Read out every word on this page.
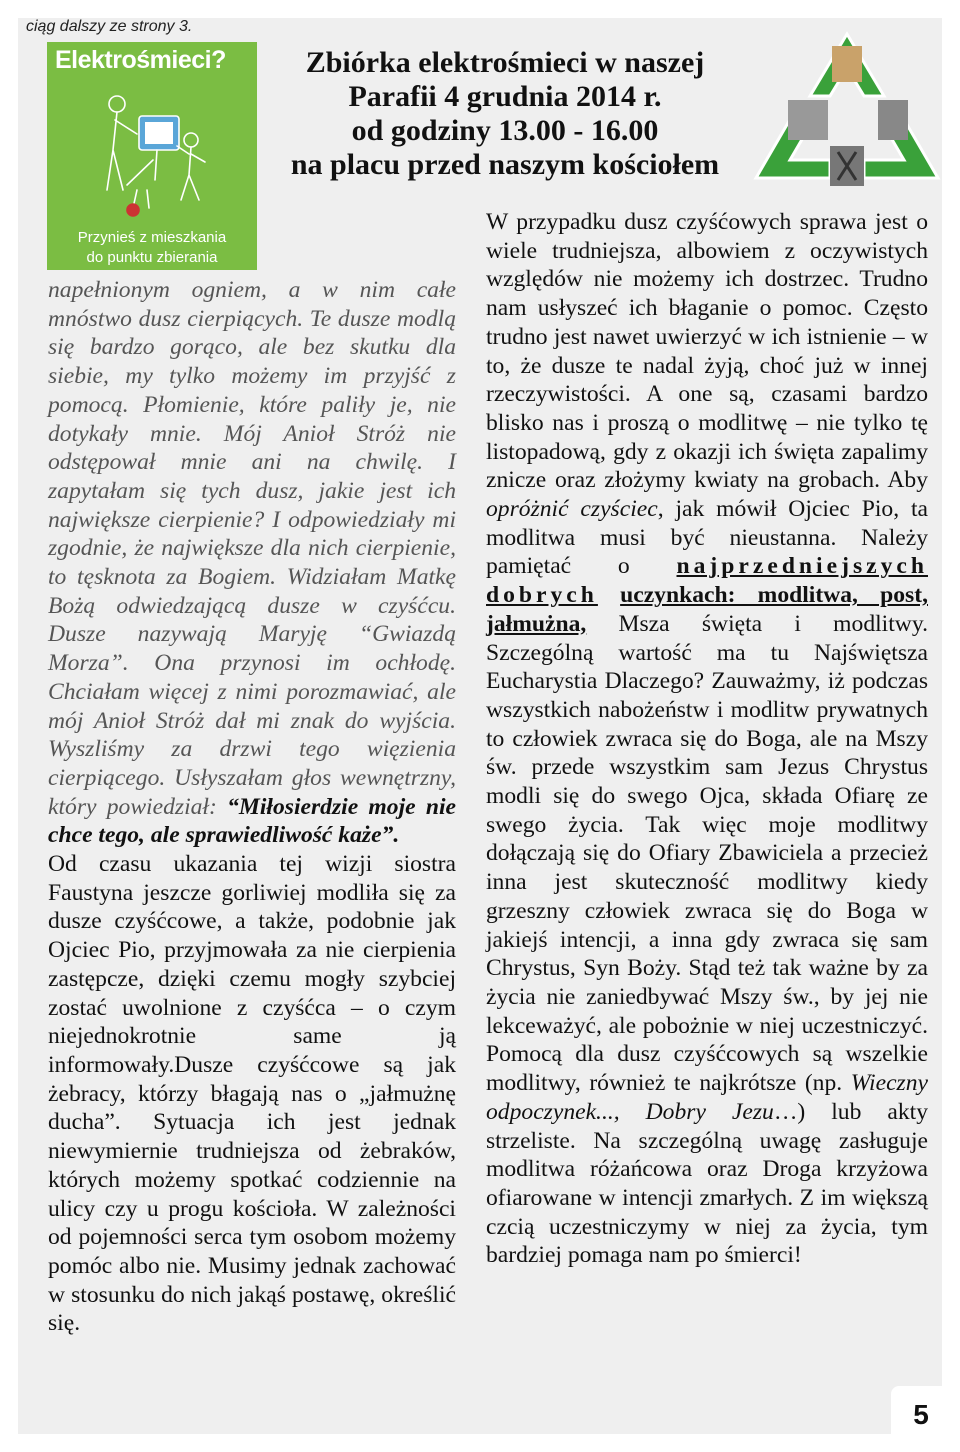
ciąg dalszy ze strony 3.
Elektrośmieci?
Przynieś z mieszkania
do punktu zbierania
Zbiórka elektrośmieci w naszej
Parafii 4 grudnia 2014 r.
od godziny 13.00 - 16.00
na placu przed naszym kościołem

napełnionym ogniem, a w nim całe mnóstwo dusz cierpiących. Te dusze modlą się bardzo gorąco, ale bez skutku dla siebie, my tylko możemy im przyjść z pomocą. Płomienie, które paliły je, nie dotykały mnie. Mój Anioł Stróż nie odstępował mnie ani na chwilę. I zapytałam się tych dusz, jakie jest ich największe cierpienie? I odpowiedziały mi zgodnie, że największe dla nich cierpienie, to tęsknota za Bogiem. Widziałam Matkę Bożą odwiedzającą dusze w czyśćcu. Dusze nazywają Maryję “Gwiazdą Morza”. Ona przynosi im ochłodę. Chciałam więcej z nimi porozmawiać, ale mój Anioł Stróż dał mi znak do wyjścia. Wyszliśmy za drzwi tego więzienia cierpiącego. Usłyszałam głos wewnętrzny, który powiedział: “Miłosierdzie moje nie chce tego, ale sprawiedliwość każe”.

Od czasu ukazania tej wizji siostra Faustyna jeszcze gorliwiej modliła się za dusze czyśćcowe, a także, podobnie jak Ojciec Pio, przyjmowała za nie cierpienia zastępcze, dzięki czemu mogły szybciej zostać uwolnione z czyśćca – o czym niejednokrotnie same ją informowały.Dusze czyśćcowe są jak żebracy, którzy błagają nas o „jałmużnę ducha”. Sytuacja ich jest jednak niewymiernie trudniejsza od żebraków, których możemy spotkać codziennie na ulicy czy u progu kościoła. W zależności od pojemności serca tym osobom możemy pomóc albo nie. Musimy jednak zachować w stosunku do nich jakąś postawę, określić się.

W przypadku dusz czyśćowych sprawa jest o wiele trudniejsza, albowiem z oczywistych względów nie możemy ich dostrzec. Trudno nam usłyszeć ich błaganie o pomoc. Często trudno jest nawet uwierzyć w ich istnienie – w to, że dusze te nadal żyją, choć już w innej rzeczywistości. A one są, czasami bardzo blisko nas i proszą o modlitwę – nie tylko tę listopadową, gdy z okazji ich święta zapalimy znicze oraz złożymy kwiaty na grobach. Aby opróżnić czyściec, jak mówił Ojciec Pio, ta modlitwa musi być nieustanna. Należy pamiętać o najprzedniejszych dobrych uczynkach: modlitwa, post, jałmużna, Msza święta i modlitwy. Szczególną wartość ma tu Najświętsza Eucharystia Dlaczego? Zauważmy, iż podczas wszystkich nabożeństw i modlitw prywatnych to człowiek zwraca się do Boga, ale na Mszy św. przede wszystkim sam Jezus Chrystus modli się do swego Ojca, składa Ofiarę ze swego życia. Tak więc moje modlitwy dołączają się do Ofiary Zbawiciela a przecież inna jest skuteczność modlitwy kiedy grzeszny człowiek zwraca się do Boga w jakiejś intencji, a inna gdy zwraca się sam Chrystus, Syn Boży. Stąd też tak ważne by za życia nie zaniedbywać Mszy św., by jej nie lekceważyć, ale pobożnie w niej uczestniczyć. Pomocą dla dusz czyśćcowych są wszelkie modlitwy, również te najkrótsze (np. Wieczny odpoczynek..., Dobry Jezu…) lub akty strzeliste. Na szczególną uwagę zasługuje modlitwa różańcowa oraz Droga krzyżowa ofiarowane w intencji zmarłych. Z im większą czcią uczestniczymy w niej za życia, tym bardziej pomaga nam po śmierci!

5
